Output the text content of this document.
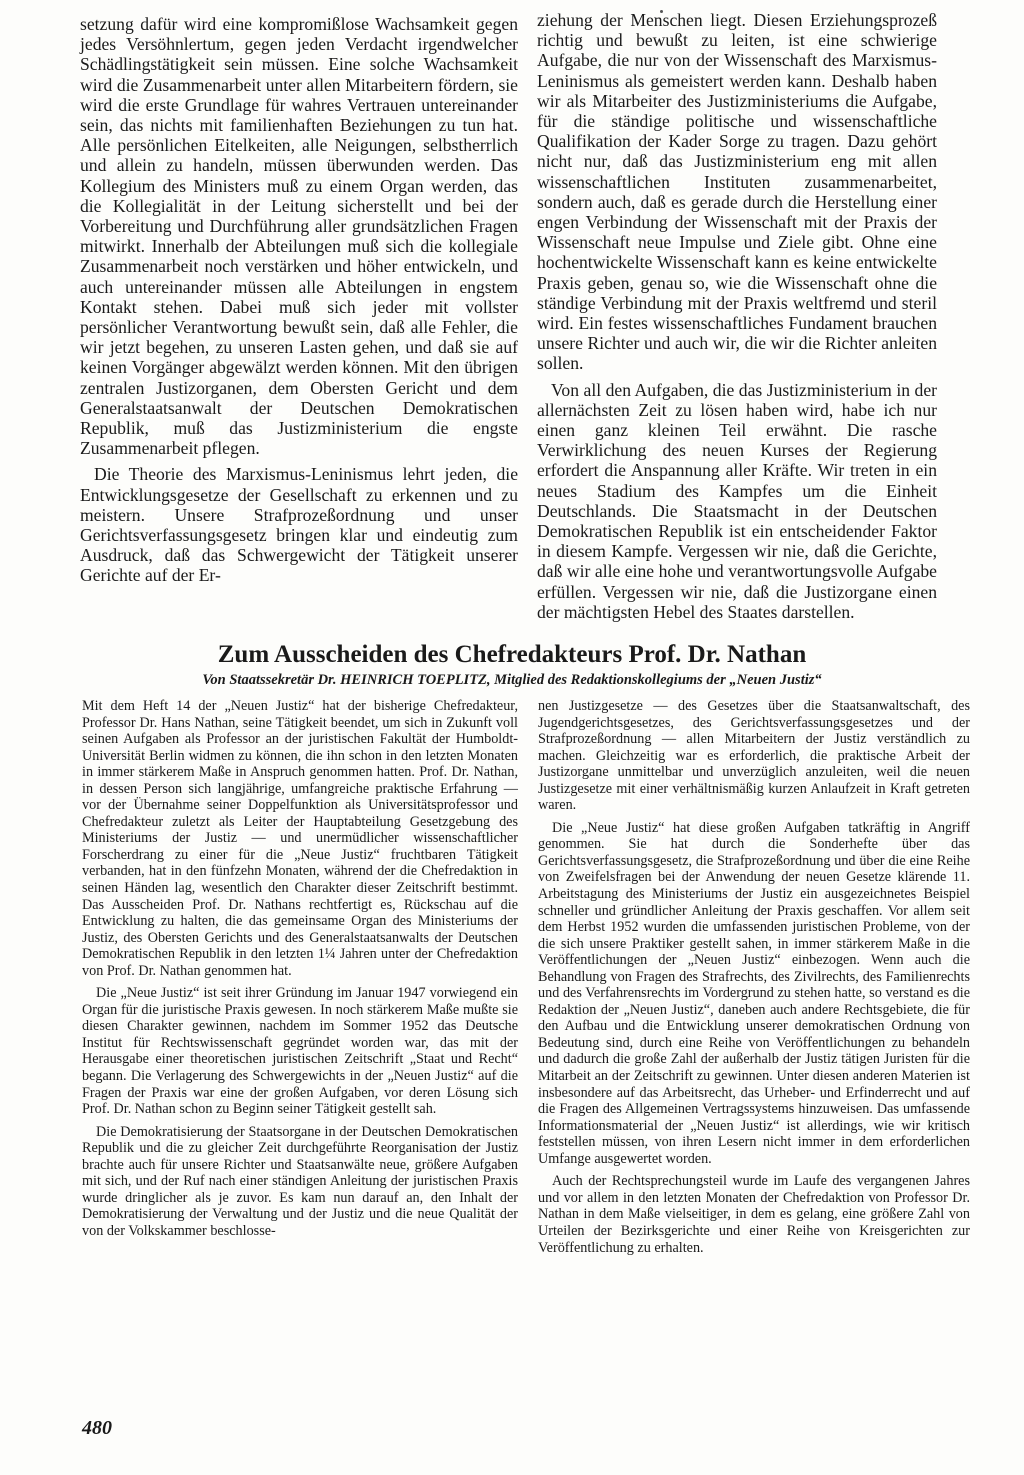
setzung dafür wird eine kompromißlose Wachsamkeit gegen jedes Versöhnlertum, gegen jeden Verdacht irgendwelcher Schädlingstätigkeit sein müssen. Eine solche Wachsamkeit wird die Zusammenarbeit unter allen Mitarbeitern fördern, sie wird die erste Grundlage für wahres Vertrauen untereinander sein, das nichts mit familienhaften Beziehungen zu tun hat. Alle persönlichen Eitelkeiten, alle Neigungen, selbstherrlich und allein zu handeln, müssen überwunden werden. Das Kollegium des Ministers muß zu einem Organ werden, das die Kollegialität in der Leitung sicherstellt und bei der Vorbereitung und Durchführung aller grundsätzlichen Fragen mitwirkt. Innerhalb der Abteilungen muß sich die kollegiale Zusammenarbeit noch verstärken und höher entwickeln, und auch untereinander müssen alle Abteilungen in engstem Kontakt stehen. Dabei muß sich jeder mit vollster persönlicher Verantwortung bewußt sein, daß alle Fehler, die wir jetzt begehen, zu unseren Lasten gehen, und daß sie auf keinen Vorgänger abgewälzt werden können. Mit den übrigen zentralen Justizorganen, dem Obersten Gericht und dem Generalstaatsanwalt der Deutschen Demokratischen Republik, muß das Justizministerium die engste Zusammenarbeit pflegen.

Die Theorie des Marxismus-Leninismus lehrt jeden, die Entwicklungsgesetze der Gesellschaft zu erkennen und zu meistern. Unsere Strafprozeßordnung und unser Gerichtsverfassungsgesetz bringen klar und eindeutig zum Ausdruck, daß das Schwergewicht der Tätigkeit unserer Gerichte auf der Er-

ziehung der Menschen liegt. Diesen Erziehungsprozeß richtig und bewußt zu leiten, ist eine schwierige Aufgabe, die nur von der Wissenschaft des Marxismus-Leninismus als gemeistert werden kann. Deshalb haben wir als Mitarbeiter des Justizministeriums die Aufgabe, für die ständige politische und wissenschaftliche Qualifikation der Kader Sorge zu tragen. Dazu gehört nicht nur, daß das Justizministerium eng mit allen wissenschaftlichen Instituten zusammenarbeitet, sondern auch, daß es gerade durch die Herstellung einer engen Verbindung der Wissenschaft mit der Praxis der Wissenschaft neue Impulse und Ziele gibt. Ohne eine hochentwickelte Wissenschaft kann es keine entwickelte Praxis geben, genau so, wie die Wissenschaft ohne die ständige Verbindung mit der Praxis weltfremd und steril wird. Ein festes wissenschaftliches Fundament brauchen unsere Richter und auch wir, die wir die Richter anleiten sollen.

Von all den Aufgaben, die das Justizministerium in der allernächsten Zeit zu lösen haben wird, habe ich nur einen ganz kleinen Teil erwähnt. Die rasche Verwirklichung des neuen Kurses der Regierung erfordert die Anspannung aller Kräfte. Wir treten in ein neues Stadium des Kampfes um die Einheit Deutschlands. Die Staatsmacht in der Deutschen Demokratischen Republik ist ein entscheidender Faktor in diesem Kampfe. Vergessen wir nie, daß die Gerichte, daß wir alle eine hohe und verantwortungsvolle Aufgabe erfüllen. Vergessen wir nie, daß die Justizorgane einen der mächtigsten Hebel des Staates darstellen.

Zum Ausscheiden des Chefredakteurs Prof. Dr. Nathan
Von Staatssekretär Dr. HEINRICH TOEPLITZ, Mitglied des Redaktionskollegiums der „Neuen Justiz“

Mit dem Heft 14 der „Neuen Justiz“ hat der bisherige Chefredakteur, Professor Dr. Hans Nathan, seine Tätigkeit beendet, um sich in Zukunft voll seinen Aufgaben als Professor an der juristischen Fakultät der Humboldt-Universität Berlin widmen zu können, die ihn schon in den letzten Monaten in immer stärkerem Maße in Anspruch genommen hatten. Prof. Dr. Nathan, in dessen Person sich langjährige, umfangreiche praktische Erfahrung — vor der Übernahme seiner Doppelfunktion als Universitätsprofessor und Chefredakteur zuletzt als Leiter der Hauptabteilung Gesetzgebung des Ministeriums der Justiz — und unermüdlicher wissenschaftlicher Forscherdrang zu einer für die „Neue Justiz“ fruchtbaren Tätigkeit verbanden, hat in den fünfzehn Monaten, während der die Chefredaktion in seinen Händen lag, wesentlich den Charakter dieser Zeitschrift bestimmt. Das Ausscheiden Prof. Dr. Nathans rechtfertigt es, Rückschau auf die Entwicklung zu halten, die das gemeinsame Organ des Ministeriums der Justiz, des Obersten Gerichts und des Generalstaatsanwalts der Deutschen Demokratischen Republik in den letzten 1¼ Jahren unter der Chefredaktion von Prof. Dr. Nathan genommen hat.

Die „Neue Justiz“ ist seit ihrer Gründung im Januar 1947 vorwiegend ein Organ für die juristische Praxis gewesen. In noch stärkerem Maße mußte sie diesen Charakter gewinnen, nachdem im Sommer 1952 das Deutsche Institut für Rechtswissenschaft gegründet worden war, das mit der Herausgabe einer theoretischen juristischen Zeitschrift „Staat und Recht“ begann. Die Verlagerung des Schwergewichts in der „Neuen Justiz“ auf die Fragen der Praxis war eine der großen Aufgaben, vor deren Lösung sich Prof. Dr. Nathan schon zu Beginn seiner Tätigkeit gestellt sah.

Die Demokratisierung der Staatsorgane in der Deutschen Demokratischen Republik und die zu gleicher Zeit durchgeführte Reorganisation der Justiz brachte auch für unsere Richter und Staatsanwälte neue, größere Aufgaben mit sich, und der Ruf nach einer ständigen Anleitung der juristischen Praxis wurde dringlicher als je zuvor. Es kam nun darauf an, den Inhalt der Demokratisierung der Verwaltung und der Justiz und die neue Qualität der von der Volkskammer beschlosse-

nen Justizgesetze — des Gesetzes über die Staatsanwaltschaft, des Jugendgerichtsgesetzes, des Gerichtsverfassungsgesetzes und der Strafprozeßordnung — allen Mitarbeitern der Justiz verständlich zu machen. Gleichzeitig war es erforderlich, die praktische Arbeit der Justizorgane unmittelbar und unverzüglich anzuleiten, weil die neuen Justizgesetze mit einer verhältnismäßig kurzen Anlaufzeit in Kraft getreten waren.

Die „Neue Justiz“ hat diese großen Aufgaben tatkräftig in Angriff genommen. Sie hat durch die Sonderhefte über das Gerichtsverfassungsgesetz, die Strafprozeßordnung und über die eine Reihe von Zweifelsfragen bei der Anwendung der neuen Gesetze klärende 11. Arbeitstagung des Ministeriums der Justiz ein ausgezeichnetes Beispiel schneller und gründlicher Anleitung der Praxis geschaffen. Vor allem seit dem Herbst 1952 wurden die umfassenden juristischen Probleme, von der die sich unsere Praktiker gestellt sahen, in immer stärkerem Maße in die Veröffentlichungen der „Neuen Justiz“ einbezogen. Wenn auch die Behandlung von Fragen des Strafrechts, des Zivilrechts, des Familienrechts und des Verfahrensrechts im Vordergrund zu stehen hatte, so verstand es die Redaktion der „Neuen Justiz“, daneben auch andere Rechtsgebiete, die für den Aufbau und die Entwicklung unserer demokratischen Ordnung von Bedeutung sind, durch eine Reihe von Veröffentlichungen zu behandeln und dadurch die große Zahl der außerhalb der Justiz tätigen Juristen für die Mitarbeit an der Zeitschrift zu gewinnen. Unter diesen anderen Materien ist insbesondere auf das Arbeitsrecht, das Urheber- und Erfinderrecht und auf die Fragen des Allgemeinen Vertragssystems hinzuweisen. Das umfassende Informationsmaterial der „Neuen Justiz“ ist allerdings, wie wir kritisch feststellen müssen, von ihren Lesern nicht immer in dem erforderlichen Umfange ausgewertet worden.

Auch der Rechtsprechungsteil wurde im Laufe des vergangenen Jahres und vor allem in den letzten Monaten der Chefredaktion von Professor Dr. Nathan in dem Maße vielseitiger, in dem es gelang, eine größere Zahl von Urteilen der Bezirksgerichte und einer Reihe von Kreisgerichten zur Veröffentlichung zu erhalten.

480
